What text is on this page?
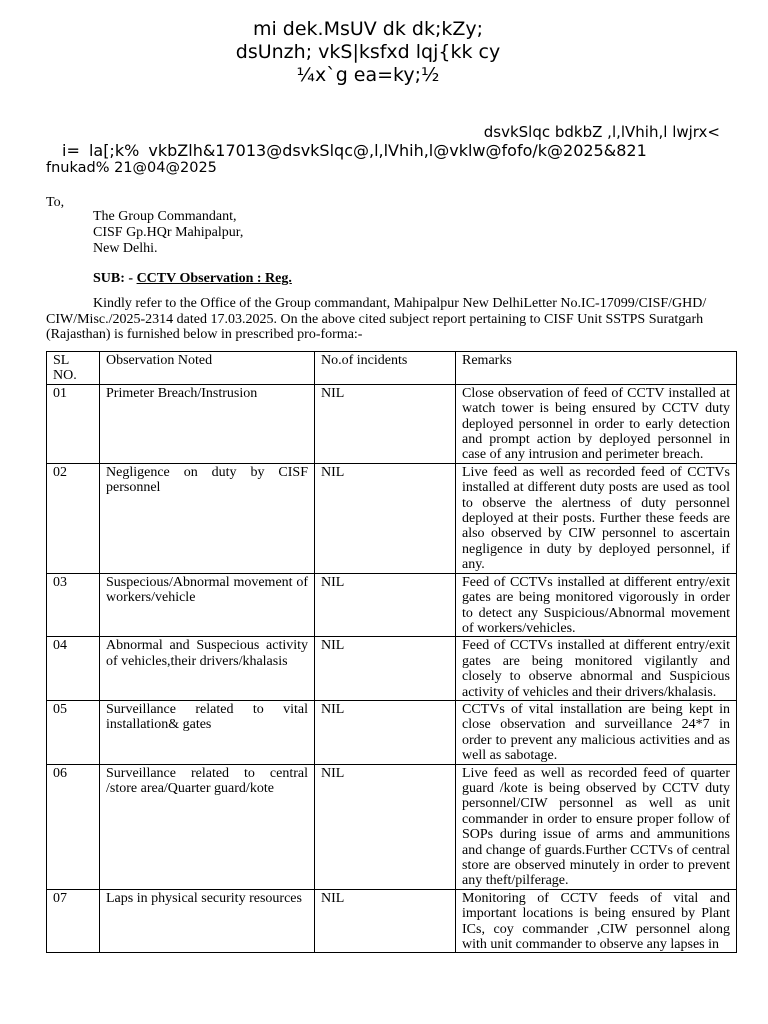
mi dek.MsUV dk dk;kZy;
dsUnzh; vkS|ksfxd lqj{kk cy
¼x`g ea=ky;½
dsvkSlqc bdkbZ ,l,lVhih,l lwjrx<
i= la[;k% vkbZlh&17013@dsvkSlqc@,l,lVhih,l@vklw@fofo/k@2025&821
fnukad% 21@04@2025
To,
The Group Commandant,
CISF Gp.HQr Mahipalpur,
New Delhi.
SUB: - CCTV Observation : Reg.
Kindly refer to the Office of the Group commandant, Mahipalpur New DelhiLetter No.IC-17099/CISF/GHD/ CIW/Misc./2025-2314 dated 17.03.2025. On the above cited subject report pertaining to CISF Unit SSTPS Suratgarh (Rajasthan) is furnished below in prescribed pro-forma:-
SL NO.	Observation Noted	No.of incidents	Remarks
01	Primeter Breach/Instrusion	NIL	Close observation of feed of CCTV installed at watch tower is being ensured by CCTV duty deployed personnel in order to early detection and prompt action by deployed personnel in case of any intrusion and perimeter breach.
02	Negligence on duty by CISF personnel	NIL	Live feed as well as recorded feed of CCTVs installed at different duty posts are used as tool to observe the alertness of duty personnel deployed at their posts. Further these feeds are also observed by CIW personnel to ascertain negligence in duty by deployed personnel, if any.
03	Suspecious/Abnormal movement of workers/vehicle	NIL	Feed of CCTVs installed at different entry/exit gates are being monitored vigorously in order to detect any Suspicious/Abnormal movement of workers/vehicles.
04	Abnormal and Suspecious activity of vehicles,their drivers/khalasis	NIL	Feed of CCTVs installed at different entry/exit gates are being monitored vigilantly and closely to observe abnormal and Suspicious activity of vehicles and their drivers/khalasis.
05	Surveillance related to vital installation& gates	NIL	CCTVs of vital installation are being kept in close observation and surveillance 24*7 in order to prevent any malicious activities and as well as sabotage.
06	Surveillance related to central /store area/Quarter guard/kote	NIL	Live feed as well as recorded feed of quarter guard /kote is being observed by CCTV duty personnel/CIW personnel as well as unit commander in order to ensure proper follow of SOPs during issue of arms and ammunitions and change of guards.Further CCTVs of central store are observed minutely in order to prevent any theft/pilferage.
07	Laps in physical security resources	NIL	Monitoring of CCTV feeds of vital and important locations is being ensured by Plant ICs, coy commander ,CIW personnel along with unit commander to observe any lapses in
